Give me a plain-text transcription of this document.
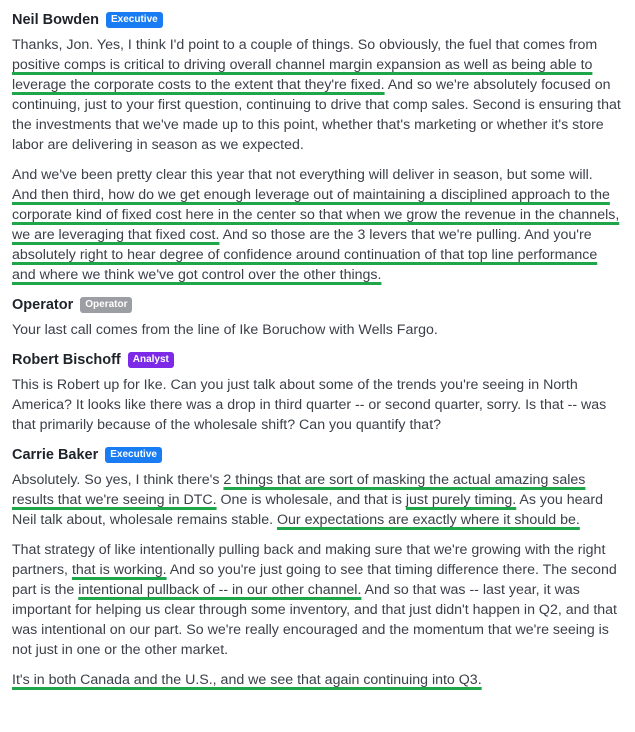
Neil Bowden	Executive

Thanks, Jon. Yes, I think I'd point to a couple of things. So obviously, the fuel that comes from positive comps is critical to driving overall channel margin expansion as well as being able to leverage the corporate costs to the extent that they're fixed. And so we're absolutely focused on continuing, just to your first question, continuing to drive that comp sales. Second is ensuring that the investments that we've made up to this point, whether that's marketing or whether it's store labor are delivering in season as we expected.

And we've been pretty clear this year that not everything will deliver in season, but some will. And then third, how do we get enough leverage out of maintaining a disciplined approach to the corporate kind of fixed cost here in the center so that when we grow the revenue in the channels, we are leveraging that fixed cost. And so those are the 3 levers that we're pulling. And you're absolutely right to hear degree of confidence around continuation of that top line performance and where we think we've got control over the other things.

Operator	Operator

Your last call comes from the line of Ike Boruchow with Wells Fargo.

Robert Bischoff	Analyst

This is Robert up for Ike. Can you just talk about some of the trends you're seeing in North America? It looks like there was a drop in third quarter -- or second quarter, sorry. Is that -- was that primarily because of the wholesale shift? Can you quantify that?

Carrie Baker	Executive

Absolutely. So yes, I think there's 2 things that are sort of masking the actual amazing sales results that we're seeing in DTC. One is wholesale, and that is just purely timing. As you heard Neil talk about, wholesale remains stable. Our expectations are exactly where it should be.

That strategy of like intentionally pulling back and making sure that we're growing with the right partners, that is working. And so you're just going to see that timing difference there. The second part is the intentional pullback of -- in our other channel. And so that was -- last year, it was important for helping us clear through some inventory, and that just didn't happen in Q2, and that was intentional on our part. So we're really encouraged and the momentum that we're seeing is not just in one or the other market.

It's in both Canada and the U.S., and we see that again continuing into Q3.
